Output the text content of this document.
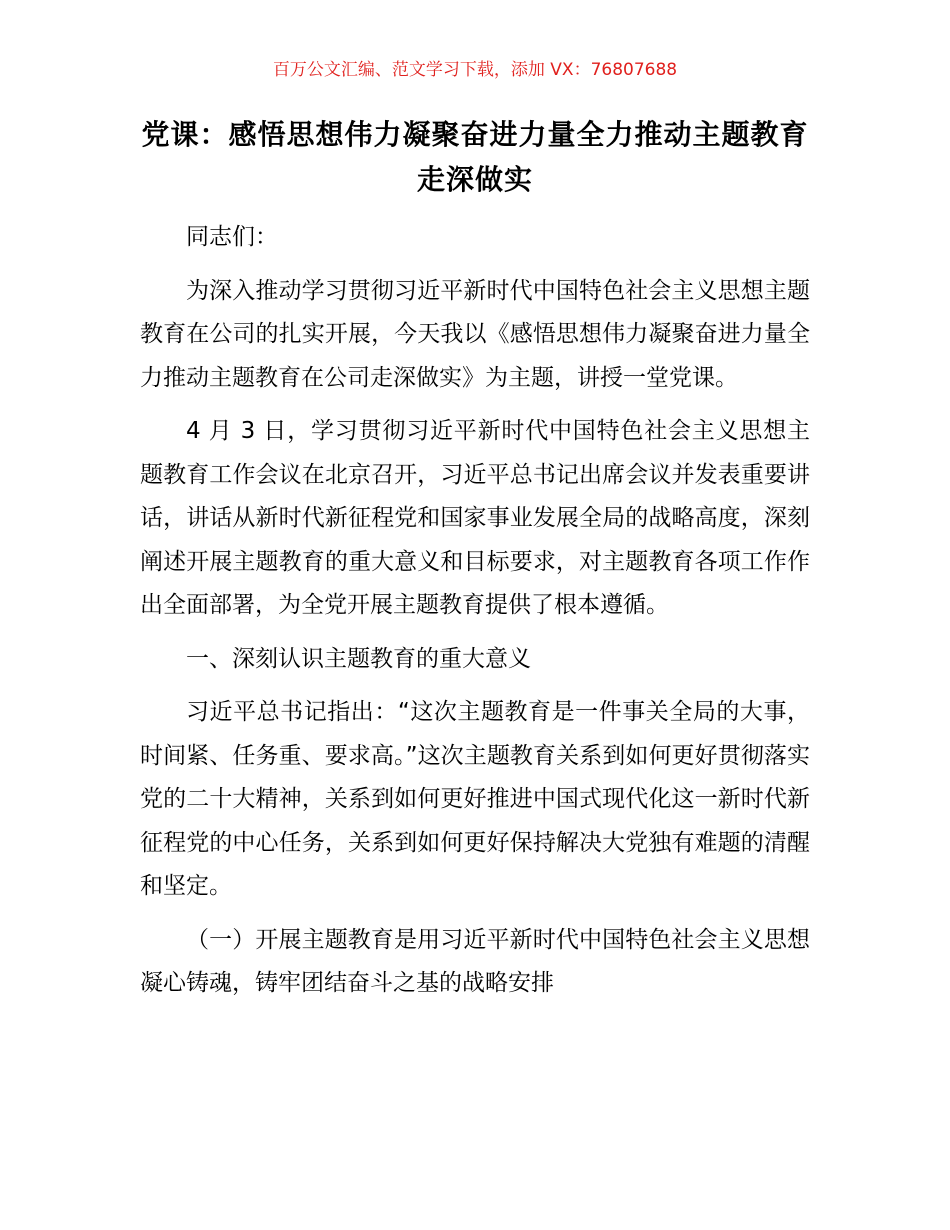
百万公文汇编、范文学习下载，添加 VX：76807688
党课：感悟思想伟力凝聚奋进力量全力推动主题教育走深做实

同志们：

为深入推动学习贯彻习近平新时代中国特色社会主义思想主题教育在公司的扎实开展，今天我以《感悟思想伟力凝聚奋进力量全力推动主题教育在公司走深做实》为主题，讲授一堂党课。

4 月 3 日，学习贯彻习近平新时代中国特色社会主义思想主题教育工作会议在北京召开，习近平总书记出席会议并发表重要讲话，讲话从新时代新征程党和国家事业发展全局的战略高度，深刻阐述开展主题教育的重大意义和目标要求，对主题教育各项工作作出全面部署，为全党开展主题教育提供了根本遵循。

一、深刻认识主题教育的重大意义

习近平总书记指出：“这次主题教育是一件事关全局的大事，时间紧、任务重、要求高。”这次主题教育关系到如何更好贯彻落实党的二十大精神，关系到如何更好推进中国式现代化这一新时代新征程党的中心任务，关系到如何更好保持解决大党独有难题的清醒和坚定。

（一）开展主题教育是用习近平新时代中国特色社会主义思想凝心铸魂，铸牢团结奋斗之基的战略安排
